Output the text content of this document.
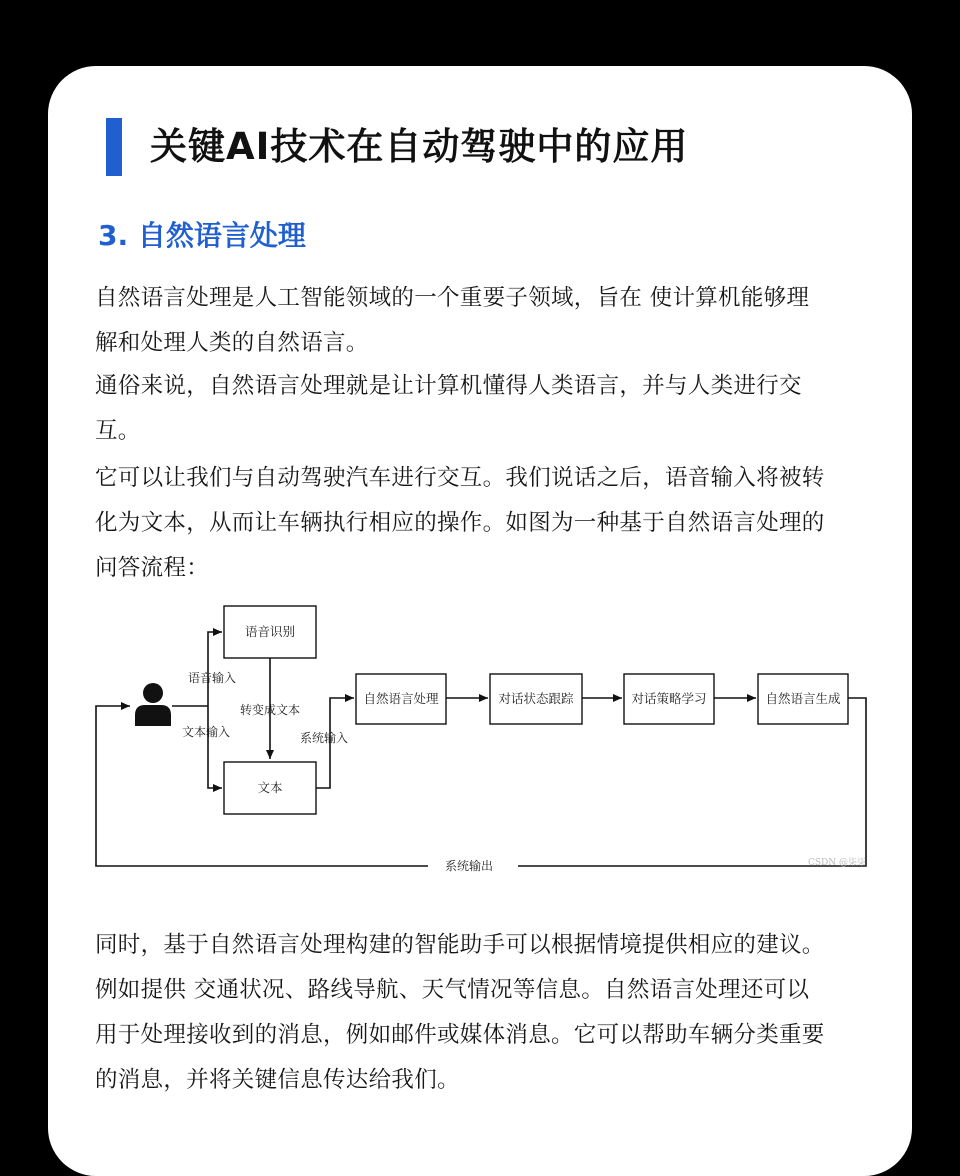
关键AI技术在自动驾驶中的应用
3. 自然语言处理
自然语言处理是人工智能领域的一个重要子领域，旨在 使计算机能够理
解和处理人类的自然语言。
通俗来说，自然语言处理就是让计算机懂得人类语言，并与人类进行交
互。
它可以让我们与自动驾驶汽车进行交互。我们说话之后，语音输入将被转
化为文本，从而让车辆执行相应的操作。如图为一种基于自然语言处理的
问答流程：
语音识别
文本
自然语言处理	对话状态跟踪	对话策略学习	自然语言生成
语音输入
文本输入
转变成文本
系统输入
系统输出	CSDN @柒柒
同时，基于自然语言处理构建的智能助手可以根据情境提供相应的建议。
例如提供 交通状况、路线导航、天气情况等信息。自然语言处理还可以
用于处理接收到的消息，例如邮件或媒体消息。它可以帮助车辆分类重要
的消息，并将关键信息传达给我们。
